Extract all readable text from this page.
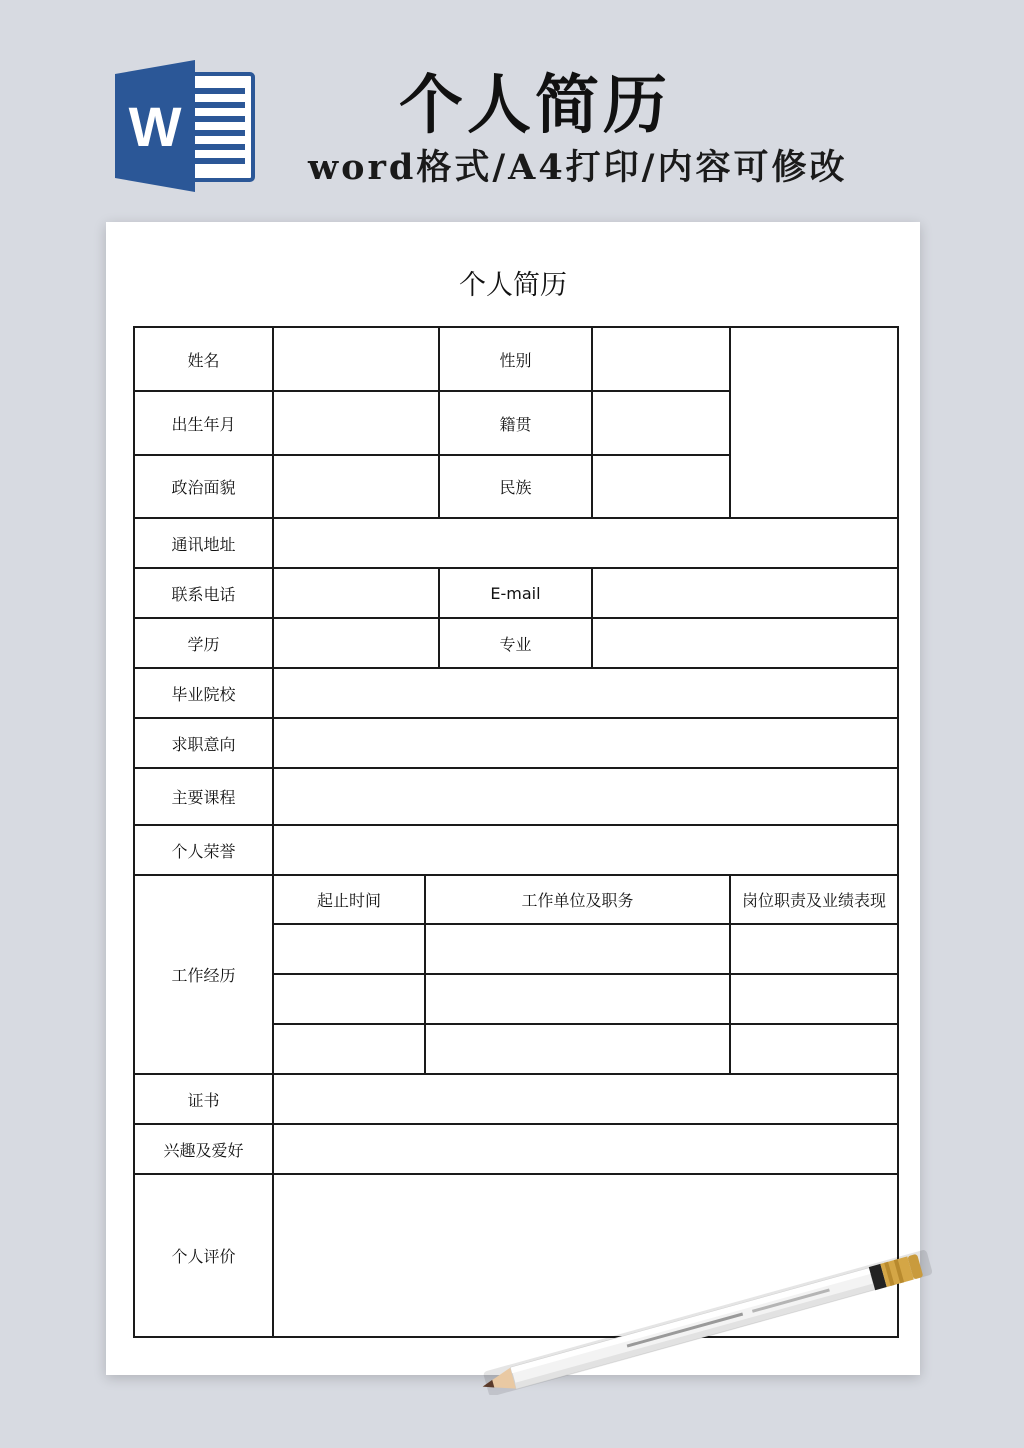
W	个人简历
word格式/A4打印/内容可修改
个人简历
姓名			性别		
出生年月			籍贯		
政治面貌			民族		
通讯地址					
联系电话			E-mail		
学历			专业		
毕业院校					
求职意向					
主要课程					
个人荣誉					
工作经历	起止时间	工作单位及职务			岗位职责及业绩表现

证书					
兴趣及爱好					
个人评价					
